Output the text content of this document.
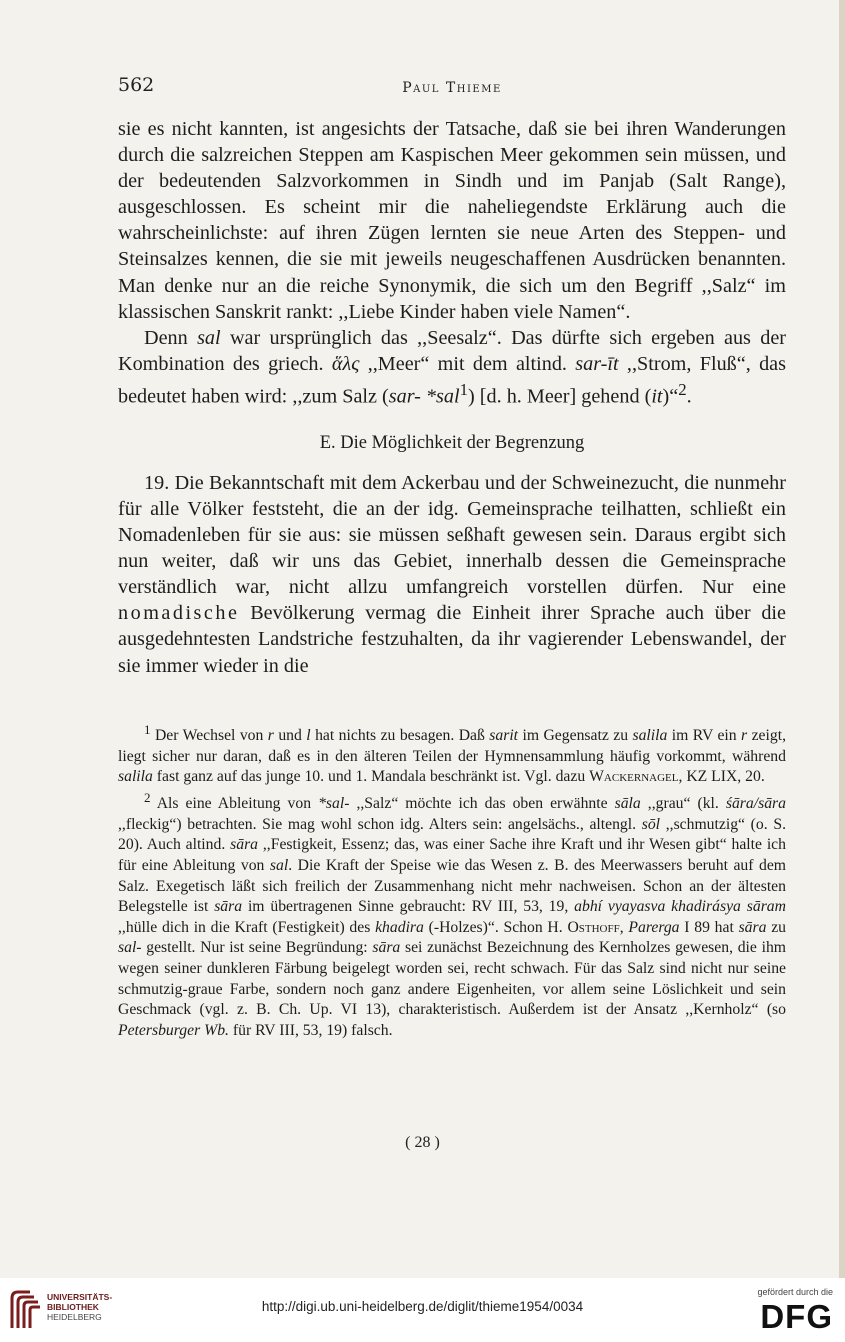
562	Paul Thieme

sie es nicht kannten, ist angesichts der Tatsache, daß sie bei ihren Wanderungen durch die salzreichen Steppen am Kaspischen Meer gekommen sein müssen, und der bedeutenden Salzvorkommen in Sindh und im Panjab (Salt Range), ausgeschlossen. Es scheint mir die naheliegendste Erklärung auch die wahrscheinlichste: auf ihren Zügen lernten sie neue Arten des Steppen- und Steinsalzes kennen, die sie mit jeweils neugeschaffenen Ausdrücken benannten. Man denke nur an die reiche Synonymik, die sich um den Begriff ,,Salz“ im klassischen Sanskrit rankt: ,,Liebe Kinder haben viele Namen“.

Denn sal war ursprünglich das ,,Seesalz“. Das dürfte sich ergeben aus der Kombination des griech. ἅλς ,,Meer“ mit dem altind. sar-īt ,,Strom, Fluß“, das bedeutet haben wird: ,,zum Salz (sar- *sal$^1$) [d. h. Meer] gehend (it)“$^2$.

E. Die Möglichkeit der Begrenzung

19. Die Bekanntschaft mit dem Ackerbau und der Schweinezucht, die nunmehr für alle Völker feststeht, die an der idg. Gemeinsprache teilhatten, schließt ein Nomadenleben für sie aus: sie müssen seßhaft gewesen sein. Daraus ergibt sich nun weiter, daß wir uns das Gebiet, innerhalb dessen die Gemeinsprache verständlich war, nicht allzu umfangreich vorstellen dürfen. Nur eine nomadische Bevölkerung vermag die Einheit ihrer Sprache auch über die ausgedehntesten Landstriche festzuhalten, da ihr vagierender Lebenswandel, der sie immer wieder in die

$^1$ Der Wechsel von r und l hat nichts zu besagen. Daß sarit im Gegensatz zu salila im RV ein r zeigt, liegt sicher nur daran, daß es in den älteren Teilen der Hymnensammlung häufig vorkommt, während salila fast ganz auf das junge 10. und 1. Mandala beschränkt ist. Vgl. dazu Wackernagel, KZ LIX, 20.

$^2$ Als eine Ableitung von *sal- ,,Salz“ möchte ich das oben erwähnte sāla ,,grau“ (kl. śāra/sāra ,,fleckig“) betrachten. Sie mag wohl schon idg. Alters sein: angelsächs., altengl. sōl ,,schmutzig“ (o. S. 20). Auch altind. sāra ,,Festigkeit, Essenz; das, was einer Sache ihre Kraft und ihr Wesen gibt“ halte ich für eine Ableitung von sal. Die Kraft der Speise wie das Wesen z. B. des Meerwassers beruht auf dem Salz. Exegetisch läßt sich freilich der Zusammenhang nicht mehr nachweisen. Schon an der ältesten Belegstelle ist sāra im übertragenen Sinne gebraucht: RV III, 53, 19, abhí vyayasva khadirásya sāram ,,hülle dich in die Kraft (Festigkeit) des khadira (-Holzes)“. Schon H. Osthoff, Parerga I 89 hat sāra zu sal- gestellt. Nur ist seine Begründung: sāra sei zunächst Bezeichnung des Kernholzes gewesen, die ihm wegen seiner dunkleren Färbung beigelegt worden sei, recht schwach. Für das Salz sind nicht nur seine schmutzig-graue Farbe, sondern noch ganz andere Eigenheiten, vor allem seine Löslichkeit und sein Geschmack (vgl. z. B. Ch. Up. VI 13), charakteristisch. Außerdem ist der Ansatz ,,Kernholz“ (so Petersburger Wb. für RV III, 53, 19) falsch.

( 28 )
UNIVERSITÄTS-
BIBLIOTHEK
HEIDELBERG
http://digi.ub.uni-heidelberg.de/diglit/thieme1954/0034
gefördert durch die
DFG
